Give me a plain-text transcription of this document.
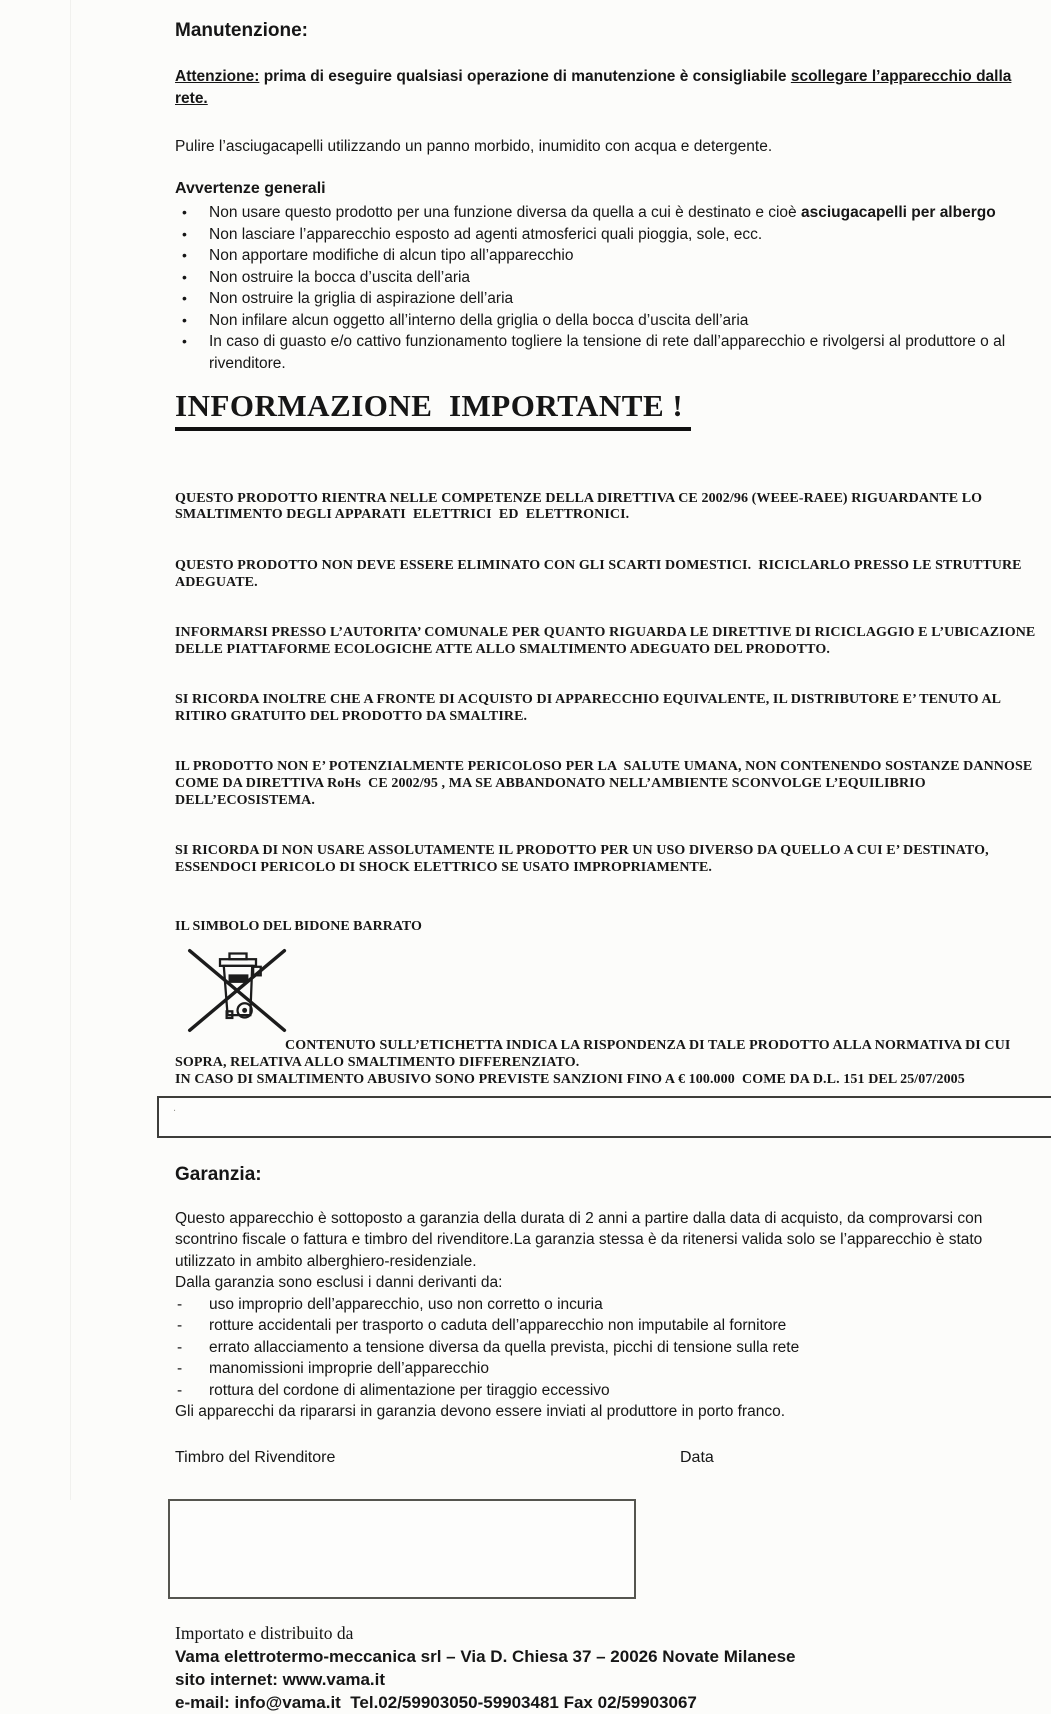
Manutenzione:
Attenzione: prima di eseguire qualsiasi operazione di manutenzione è consigliabile scollegare l’apparecchio dalla rete.
Pulire l’asciugacapelli utilizzando un panno morbido, inumidito con acqua e detergente.
Avvertenze generali
•	Non usare questo prodotto per una funzione diversa da quella a cui è destinato e cioè asciugacapelli per albergo
•	Non lasciare l’apparecchio esposto ad agenti atmosferici quali pioggia, sole, ecc.
•	Non apportare modifiche di alcun tipo all’apparecchio
•	Non ostruire la bocca d’uscita dell’aria
•	Non ostruire la griglia di aspirazione dell’aria
•	Non infilare alcun oggetto all’interno della griglia o della bocca d’uscita dell’aria
•	In caso di guasto e/o cattivo funzionamento togliere la tensione di rete dall’apparecchio e rivolgersi al produttore o al rivenditore.
INFORMAZIONE  IMPORTANTE !

QUESTO PRODOTTO RIENTRA NELLE COMPETENZE DELLA DIRETTIVA CE 2002/96 (WEEE-RAEE) RIGUARDANTE LO SMALTIMENTO DEGLI APPARATI  ELETTRICI  ED  ELETTRONICI.

QUESTO PRODOTTO NON DEVE ESSERE ELIMINATO CON GLI SCARTI DOMESTICI.  RICICLARLO PRESSO LE STRUTTURE ADEGUATE.

INFORMARSI PRESSO L’AUTORITA’ COMUNALE PER QUANTO RIGUARDA LE DIRETTIVE DI RICICLAGGIO E L’UBICAZIONE DELLE PIATTAFORME ECOLOGICHE ATTE ALLO SMALTIMENTO ADEGUATO DEL PRODOTTO.

SI RICORDA INOLTRE CHE A FRONTE DI ACQUISTO DI APPARECCHIO EQUIVALENTE, IL DISTRIBUTORE E’ TENUTO AL RITIRO GRATUITO DEL PRODOTTO DA SMALTIRE.

IL PRODOTTO NON E’ POTENZIALMENTE PERICOLOSO PER LA  SALUTE UMANA, NON CONTENENDO SOSTANZE DANNOSE COME DA DIRETTIVA RoHs  CE 2002/95 , MA SE ABBANDONATO NELL’AMBIENTE SCONVOLGE L’EQUILIBRIO DELL’ECOSISTEMA.

SI RICORDA DI NON USARE ASSOLUTAMENTE IL PRODOTTO PER UN USO DIVERSO DA QUELLO A CUI E’ DESTINATO, ESSENDOCI PERICOLO DI SHOCK ELETTRICO SE USATO IMPROPRIAMENTE.

IL SIMBOLO DEL BIDONE BARRATO
CONTENUTO SULL’ETICHETTA INDICA LA RISPONDENZA DI TALE PRODOTTO ALLA NORMATIVA DI CUI SOPRA, RELATIVA ALLO SMALTIMENTO DIFFERENZIATO.
IN CASO DI SMALTIMENTO ABUSIVO SONO PREVISTE SANZIONI FINO A € 100.000  COME DA D.L. 151 DEL 25/07/2005
.
Garanzia:
Questo apparecchio è sottoposto a garanzia della durata di 2 anni a partire dalla data di acquisto, da comprovarsi con scontrino fiscale o fattura e timbro del rivenditore.La garanzia stessa è da ritenersi valida solo se l’apparecchio è stato utilizzato in ambito alberghiero-residenziale.
Dalla garanzia sono esclusi i danni derivanti da:
-	uso improprio dell’apparecchio, uso non corretto o incuria
-	rotture accidentali per trasporto o caduta dell’apparecchio non imputabile al fornitore
-	errato allacciamento a tensione diversa da quella prevista, picchi di tensione sulla rete
-	manomissioni improprie dell’apparecchio
-	rottura del cordone di alimentazione per tiraggio eccessivo
Gli apparecchi da ripararsi in garanzia devono essere inviati al produttore in porto franco.
Timbro del Rivenditore	Data
Importato e distribuito da
Vama elettrotermo-meccanica srl – Via D. Chiesa 37 – 20026 Novate Milanese
sito internet: www.vama.it
e-mail: info@vama.it  Tel.02/59903050-59903481 Fax 02/59903067
